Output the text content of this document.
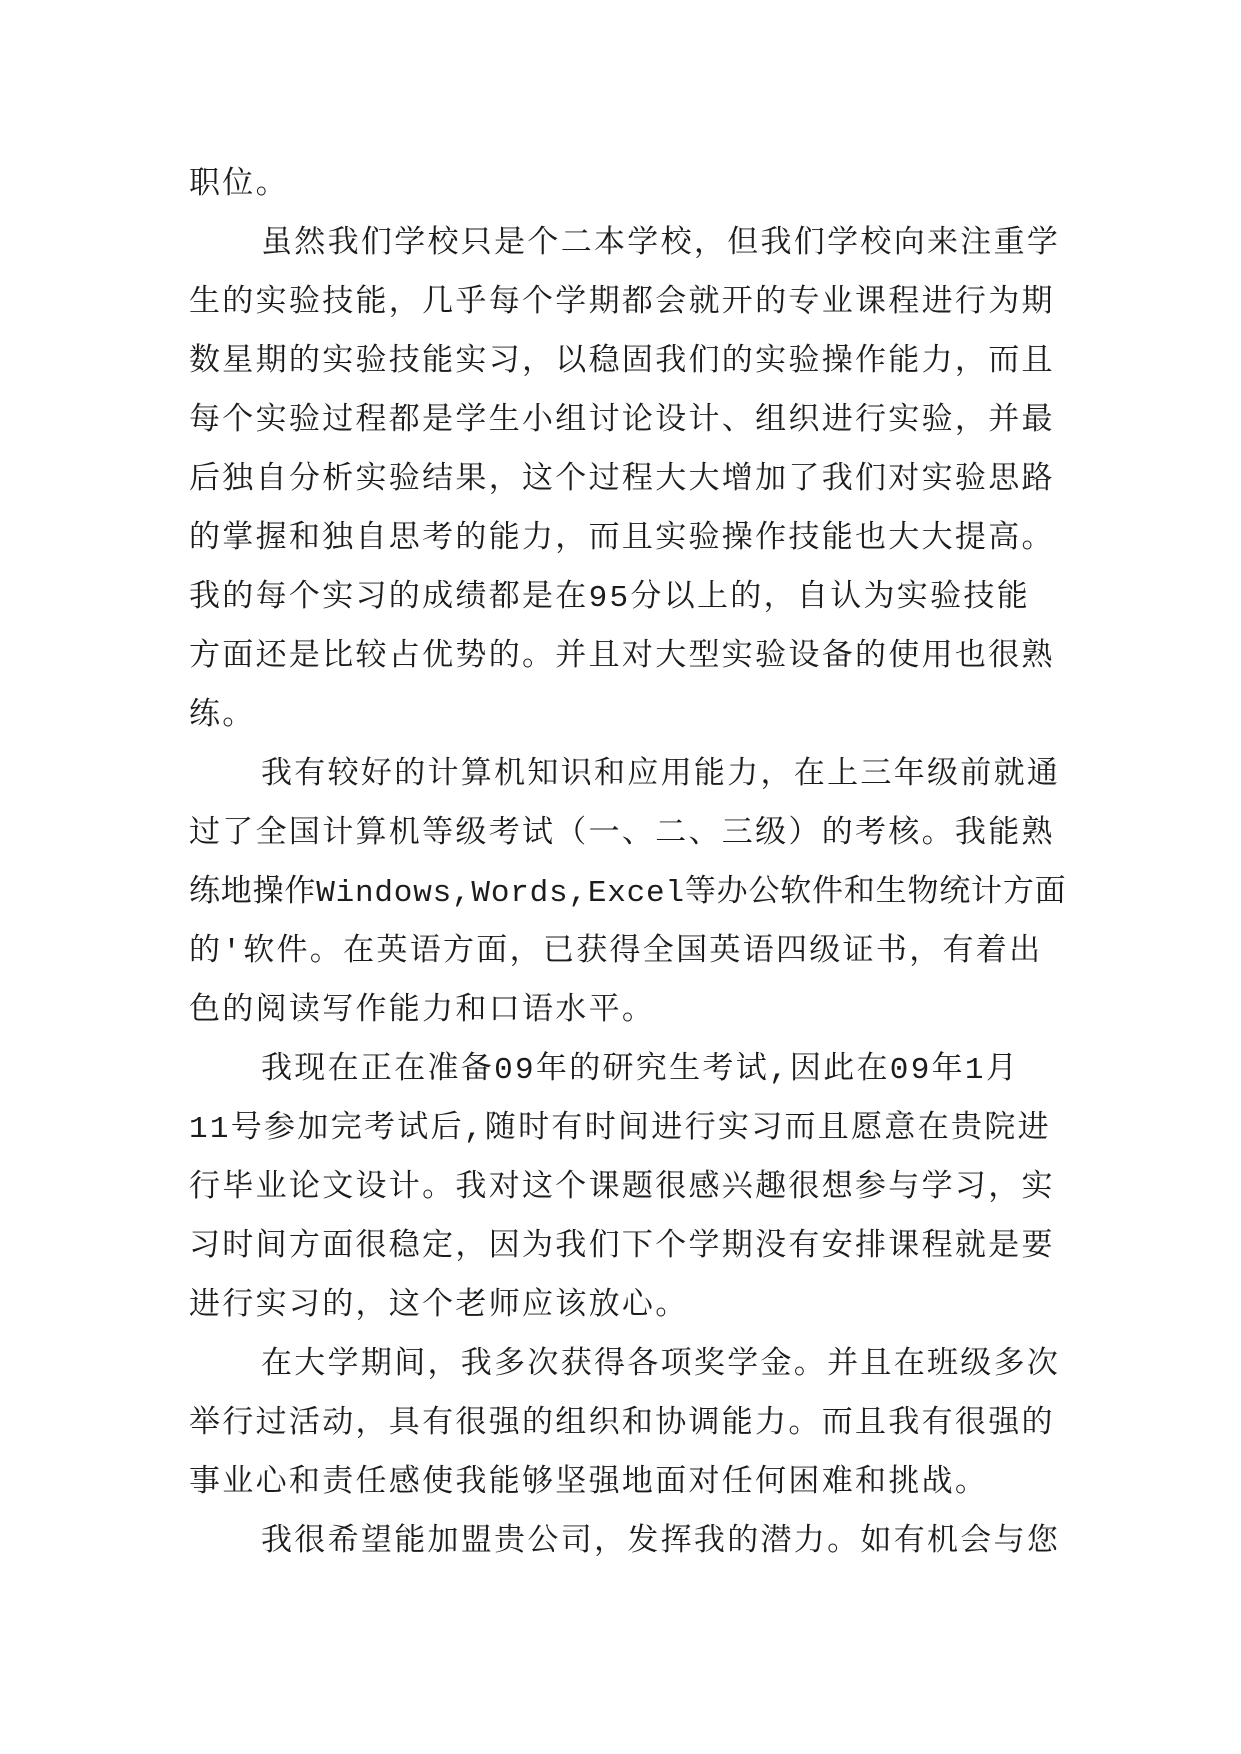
职位。
虽然我们学校只是个二本学校，但我们学校向来注重学
生的实验技能，几乎每个学期都会就开的专业课程进行为期
数星期的实验技能实习，以稳固我们的实验操作能力，而且
每个实验过程都是学生小组讨论设计、组织进行实验，并最
后独自分析实验结果，这个过程大大增加了我们对实验思路
的掌握和独自思考的能力，而且实验操作技能也大大提高。
我的每个实习的成绩都是在95分以上的，自认为实验技能
方面还是比较占优势的。并且对大型实验设备的使用也很熟
练。
我有较好的计算机知识和应用能力，在上三年级前就通
过了全国计算机等级考试（一、二、三级）的考核。我能熟
练地操作Windows,Words,Excel等办公软件和生物统计方面
的'软件。在英语方面，已获得全国英语四级证书，有着出
色的阅读写作能力和口语水平。
我现在正在准备09年的研究生考试,因此在09年1月
11号参加完考试后,随时有时间进行实习而且愿意在贵院进
行毕业论文设计。我对这个课题很感兴趣很想参与学习，实
习时间方面很稳定，因为我们下个学期没有安排课程就是要
进行实习的，这个老师应该放心。
在大学期间，我多次获得各项奖学金。并且在班级多次
举行过活动，具有很强的组织和协调能力。而且我有很强的
事业心和责任感使我能够坚强地面对任何困难和挑战。
我很希望能加盟贵公司，发挥我的潜力。如有机会与您
